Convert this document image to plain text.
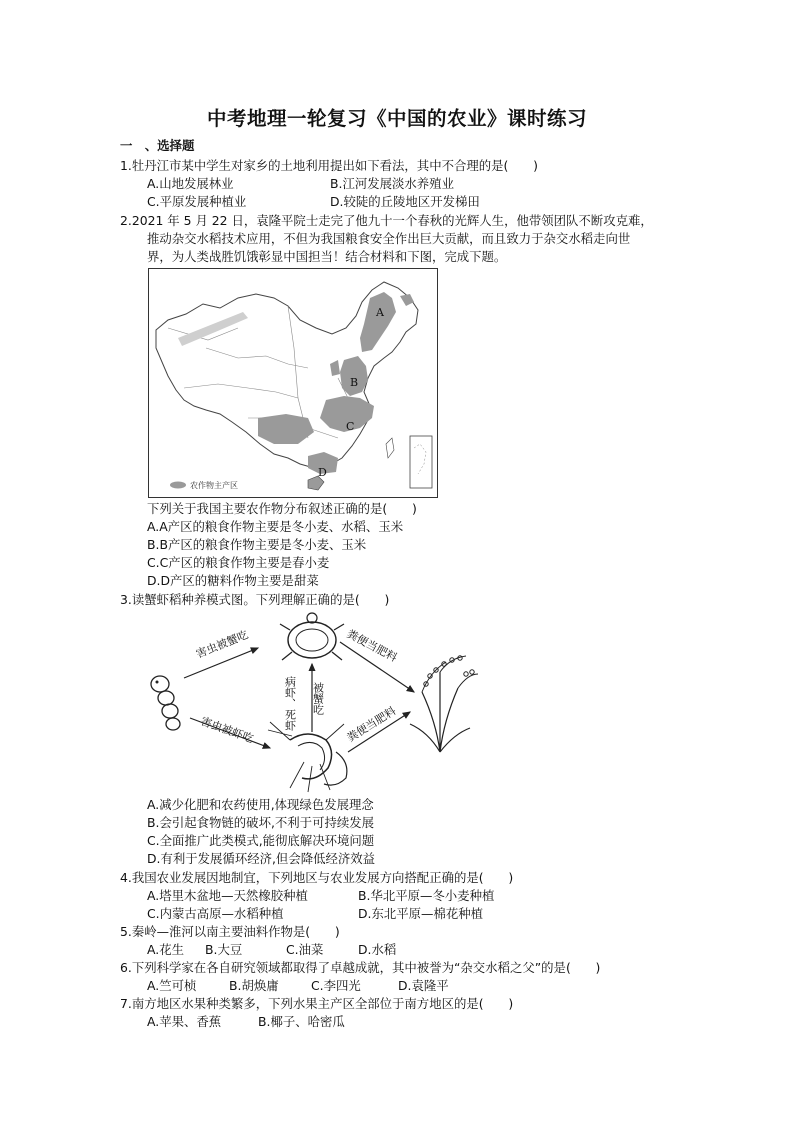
中考地理一轮复习《中国的农业》课时练习
一　、选择题
1.牡丹江市某中学生对家乡的土地利用提出如下看法，其中不合理的是(　　)
A.山地发展林业	B.江河发展淡水养殖业
C.平原发展种植业	D.较陡的丘陵地区开发梯田
2.2021 年 5 月 22 日，袁隆平院士走完了他九十一个春秋的光辉人生，他带领团队不断攻克难，
推动杂交水稻技术应用，不但为我国粮食安全作出巨大贡献，而且致力于杂交水稻走向世
界，为人类战胜饥饿彰显中国担当！结合材料和下图，完成下题。
A
B
C
D
农作物主产区
下列关于我国主要农作物分布叙述正确的是(　　)
A.A产区的粮食作物主要是冬小麦、水稻、玉米
B.B产区的粮食作物主要是冬小麦、玉米
C.C产区的粮食作物主要是春小麦
D.D产区的糖料作物主要是甜菜
3.读蟹虾稻种养模式图。下列理解正确的是(　　)
害虫被蟹吃
害虫被虾吃	病虾、死虾 被蟹吃
粪便当肥料
粪便当肥料
A.减少化肥和农药使用,体现绿色发展理念
B.会引起食物链的破坏,不利于可持续发展
C.全面推广此类模式,能彻底解决环境问题
D.有利于发展循环经济,但会降低经济效益
4.我国农业发展因地制宜，下列地区与农业发展方向搭配正确的是(　　)
A.塔里木盆地—天然橡胶种植	B.华北平原—冬小麦种植
C.内蒙古高原—水稻种植	D.东北平原—棉花种植
5.秦岭—淮河以南主要油料作物是(　　)
A.花生 B.大豆	C.油菜	D.水稻
6.下列科学家在各自研究领域都取得了卓越成就，其中被誉为“杂交水稻之父”的是(　　)
A.竺可桢	B.胡焕庸	C.李四光	D.袁隆平
7.南方地区水果种类繁多，下列水果主产区全部位于南方地区的是(　　)
A.苹果、香蕉	B.椰子、哈密瓜
